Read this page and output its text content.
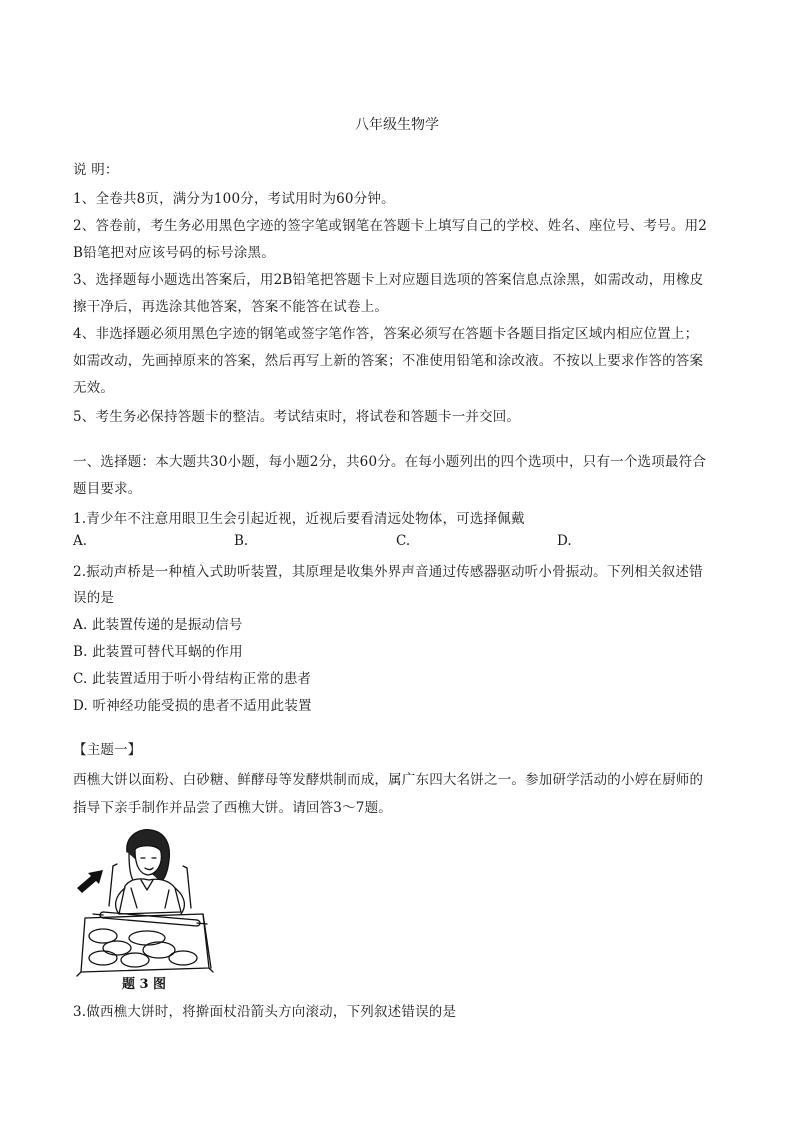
八年级生物学
说 明：
1、全卷共8页，满分为100分，考试用时为60分钟。
2、答卷前，考生务必用黑色字迹的签字笔或钢笔在答题卡上填写自己的学校、姓名、座位号、考号。用2
B铅笔把对应该号码的标号涂黑。
3、选择题每小题选出答案后，用2B铅笔把答题卡上对应题目选项的答案信息点涂黑，如需改动，用橡皮
擦干净后，再选涂其他答案，答案不能答在试卷上。
4、非选择题必须用黑色字迹的钢笔或签字笔作答，答案必须写在答题卡各题目指定区域内相应位置上；
如需改动，先画掉原来的答案，然后再写上新的答案；不准使用铅笔和涂改液。不按以上要求作答的答案
无效。
5、考生务必保持答题卡的整洁。考试结束时，将试卷和答题卡一并交回。
一、选择题：本大题共30小题，每小题2分，共60分。在每小题列出的四个选项中，只有一个选项最符合
题目要求。
1.青少年不注意用眼卫生会引起近视，近视后要看清远处物体，可选择佩戴
A.	B.	C.	D.
2.振动声桥是一种植入式助听装置，其原理是收集外界声音通过传感器驱动听小骨振动。下列相关叙述错
误的是
A. 此装置传递的是振动信号
B. 此装置可替代耳蜗的作用
C. 此装置适用于听小骨结构正常的患者
D. 听神经功能受损的患者不适用此装置
【主题一】
西樵大饼以面粉、白砂糖、鲜酵母等发酵烘制而成，属广东四大名饼之一。参加研学活动的小婷在厨师的
指导下亲手制作并品尝了西樵大饼。请回答3～7题。
题 3 图
3.做西樵大饼时，将擀面杖沿箭头方向滚动，下列叙述错误的是
